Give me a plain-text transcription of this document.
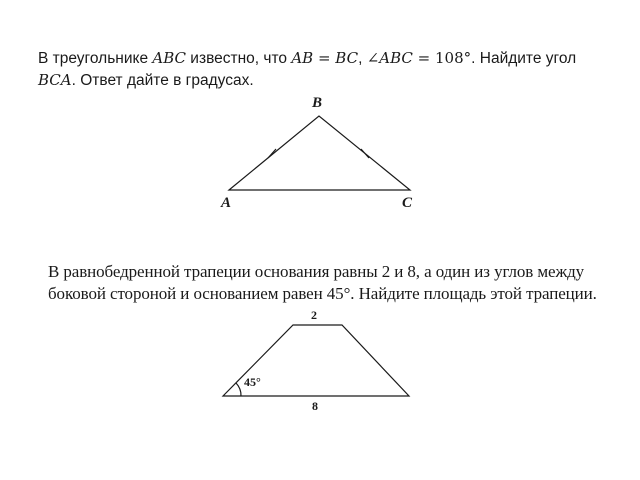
В треугольнике ABC известно, что AB = BC, ∠ABC = 108°. Найдите угол
BCA. Ответ дайте в градусах.
В равнобедренной трапеции основания равны 2 и 8, а один из углов между
боковой стороной и основанием равен 45°. Найдите площадь этой трапеции.
B
A	C
2
8
45°
